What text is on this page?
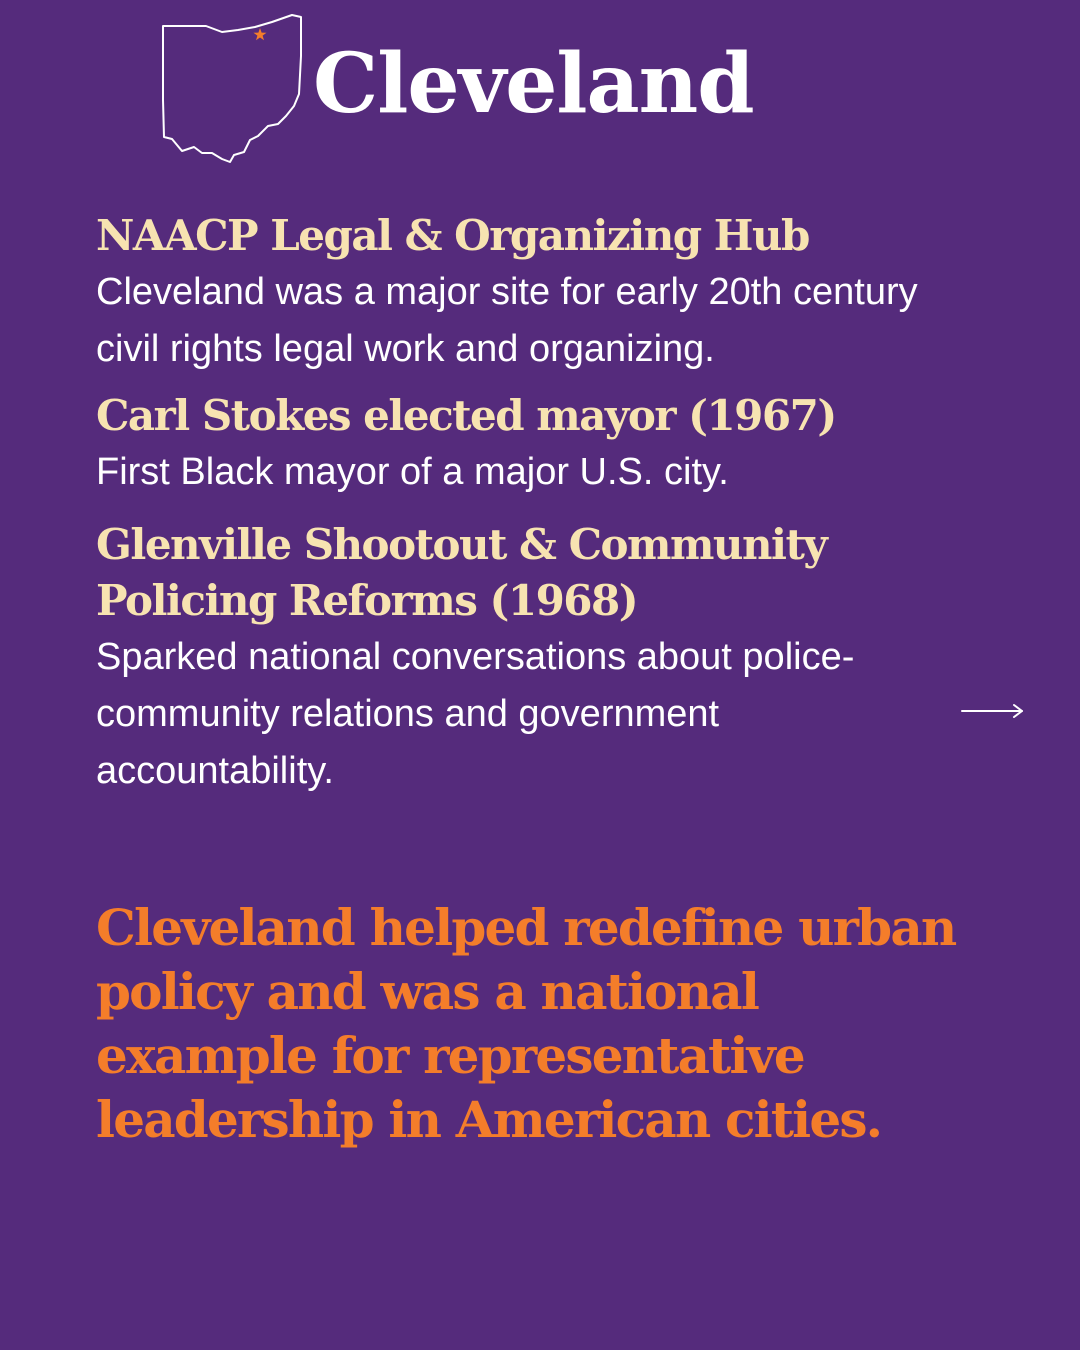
Cleveland
NAACP Legal & Organizing Hub

Cleveland was a major site for early 20th century civil rights legal work and organizing.

Carl Stokes elected mayor (1967)

First Black mayor of a major U.S. city.

Glenville Shootout & Community Policing Reforms (1968)

Sparked national conversations about police-community relations and government accountability.

Cleveland helped redefine urban policy and was a national example for representative leadership in American cities.
